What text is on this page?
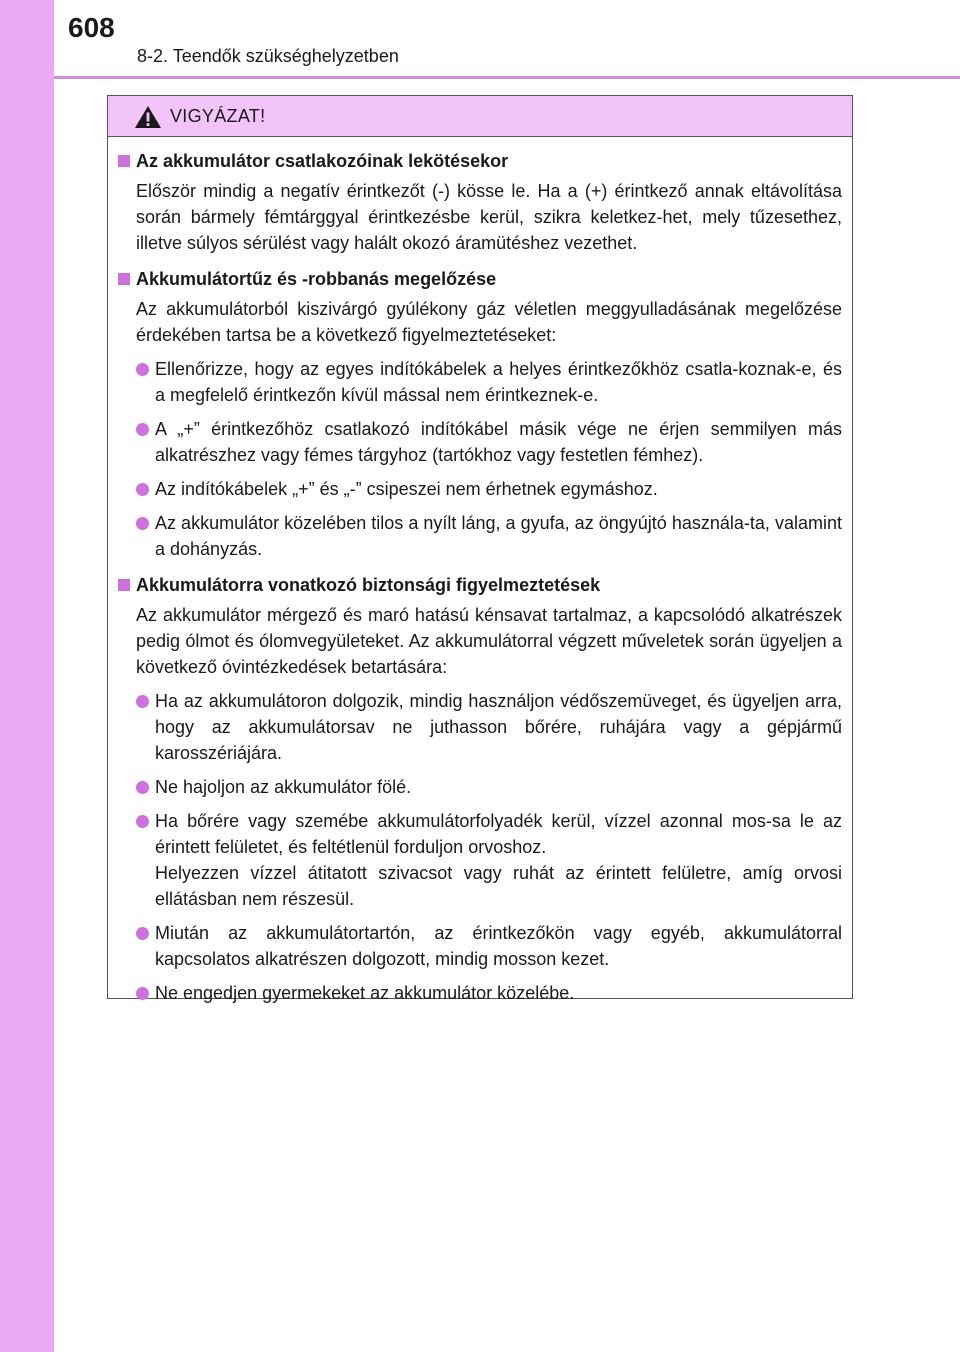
608
8-2. Teendők szükséghelyzetben
VIGYÁZAT!
Az akkumulátor csatlakozóinak lekötésekor
Először mindig a negatív érintkezőt (-) kösse le. Ha a (+) érintkező annak eltávolítása során bármely fémtárggyal érintkezésbe kerül, szikra keletkez-het, mely tűzesethez, illetve súlyos sérülést vagy halált okozó áramütéshez vezethet.
Akkumulátortűz és -robbanás megelőzése
Az akkumulátorból kiszivárgó gyúlékony gáz véletlen meggyulladásának megelőzése érdekében tartsa be a következő figyelmeztetéseket:
Ellenőrizze, hogy az egyes indítókábelek a helyes érintkezőkhöz csatla-koznak-e, és a megfelelő érintkezőn kívül mással nem érintkeznek-e.
A „+” érintkezőhöz csatlakozó indítókábel másik vége ne érjen semmilyen más alkatrészhez vagy fémes tárgyhoz (tartókhoz vagy festetlen fémhez).
Az indítókábelek „+” és „-” csipeszei nem érhetnek egymáshoz.
Az akkumulátor közelében tilos a nyílt láng, a gyufa, az öngyújtó használa-ta, valamint a dohányzás.
Akkumulátorra vonatkozó biztonsági figyelmeztetések
Az akkumulátor mérgező és maró hatású kénsavat tartalmaz, a kapcsolódó alkatrészek pedig ólmot és ólomvegyületeket. Az akkumulátorral végzett műveletek során ügyeljen a következő óvintézkedések betartására:
Ha az akkumulátoron dolgozik, mindig használjon védőszemüveget, és ügyeljen arra, hogy az akkumulátorsav ne juthasson bőrére, ruhájára vagy a gépjármű karosszériájára.
Ne hajoljon az akkumulátor fölé.
Ha bőrére vagy szemébe akkumulátorfolyadék kerül, vízzel azonnal mos-sa le az érintett felületet, és feltétlenül forduljon orvoshoz.
Helyezzen vízzel átitatott szivacsot vagy ruhát az érintett felületre, amíg orvosi ellátásban nem részesül.
Miután az akkumulátortartón, az érintkezőkön vagy egyéb, akkumulátorral kapcsolatos alkatrészen dolgozott, mindig mosson kezet.
Ne engedjen gyermekeket az akkumulátor közelébe.
